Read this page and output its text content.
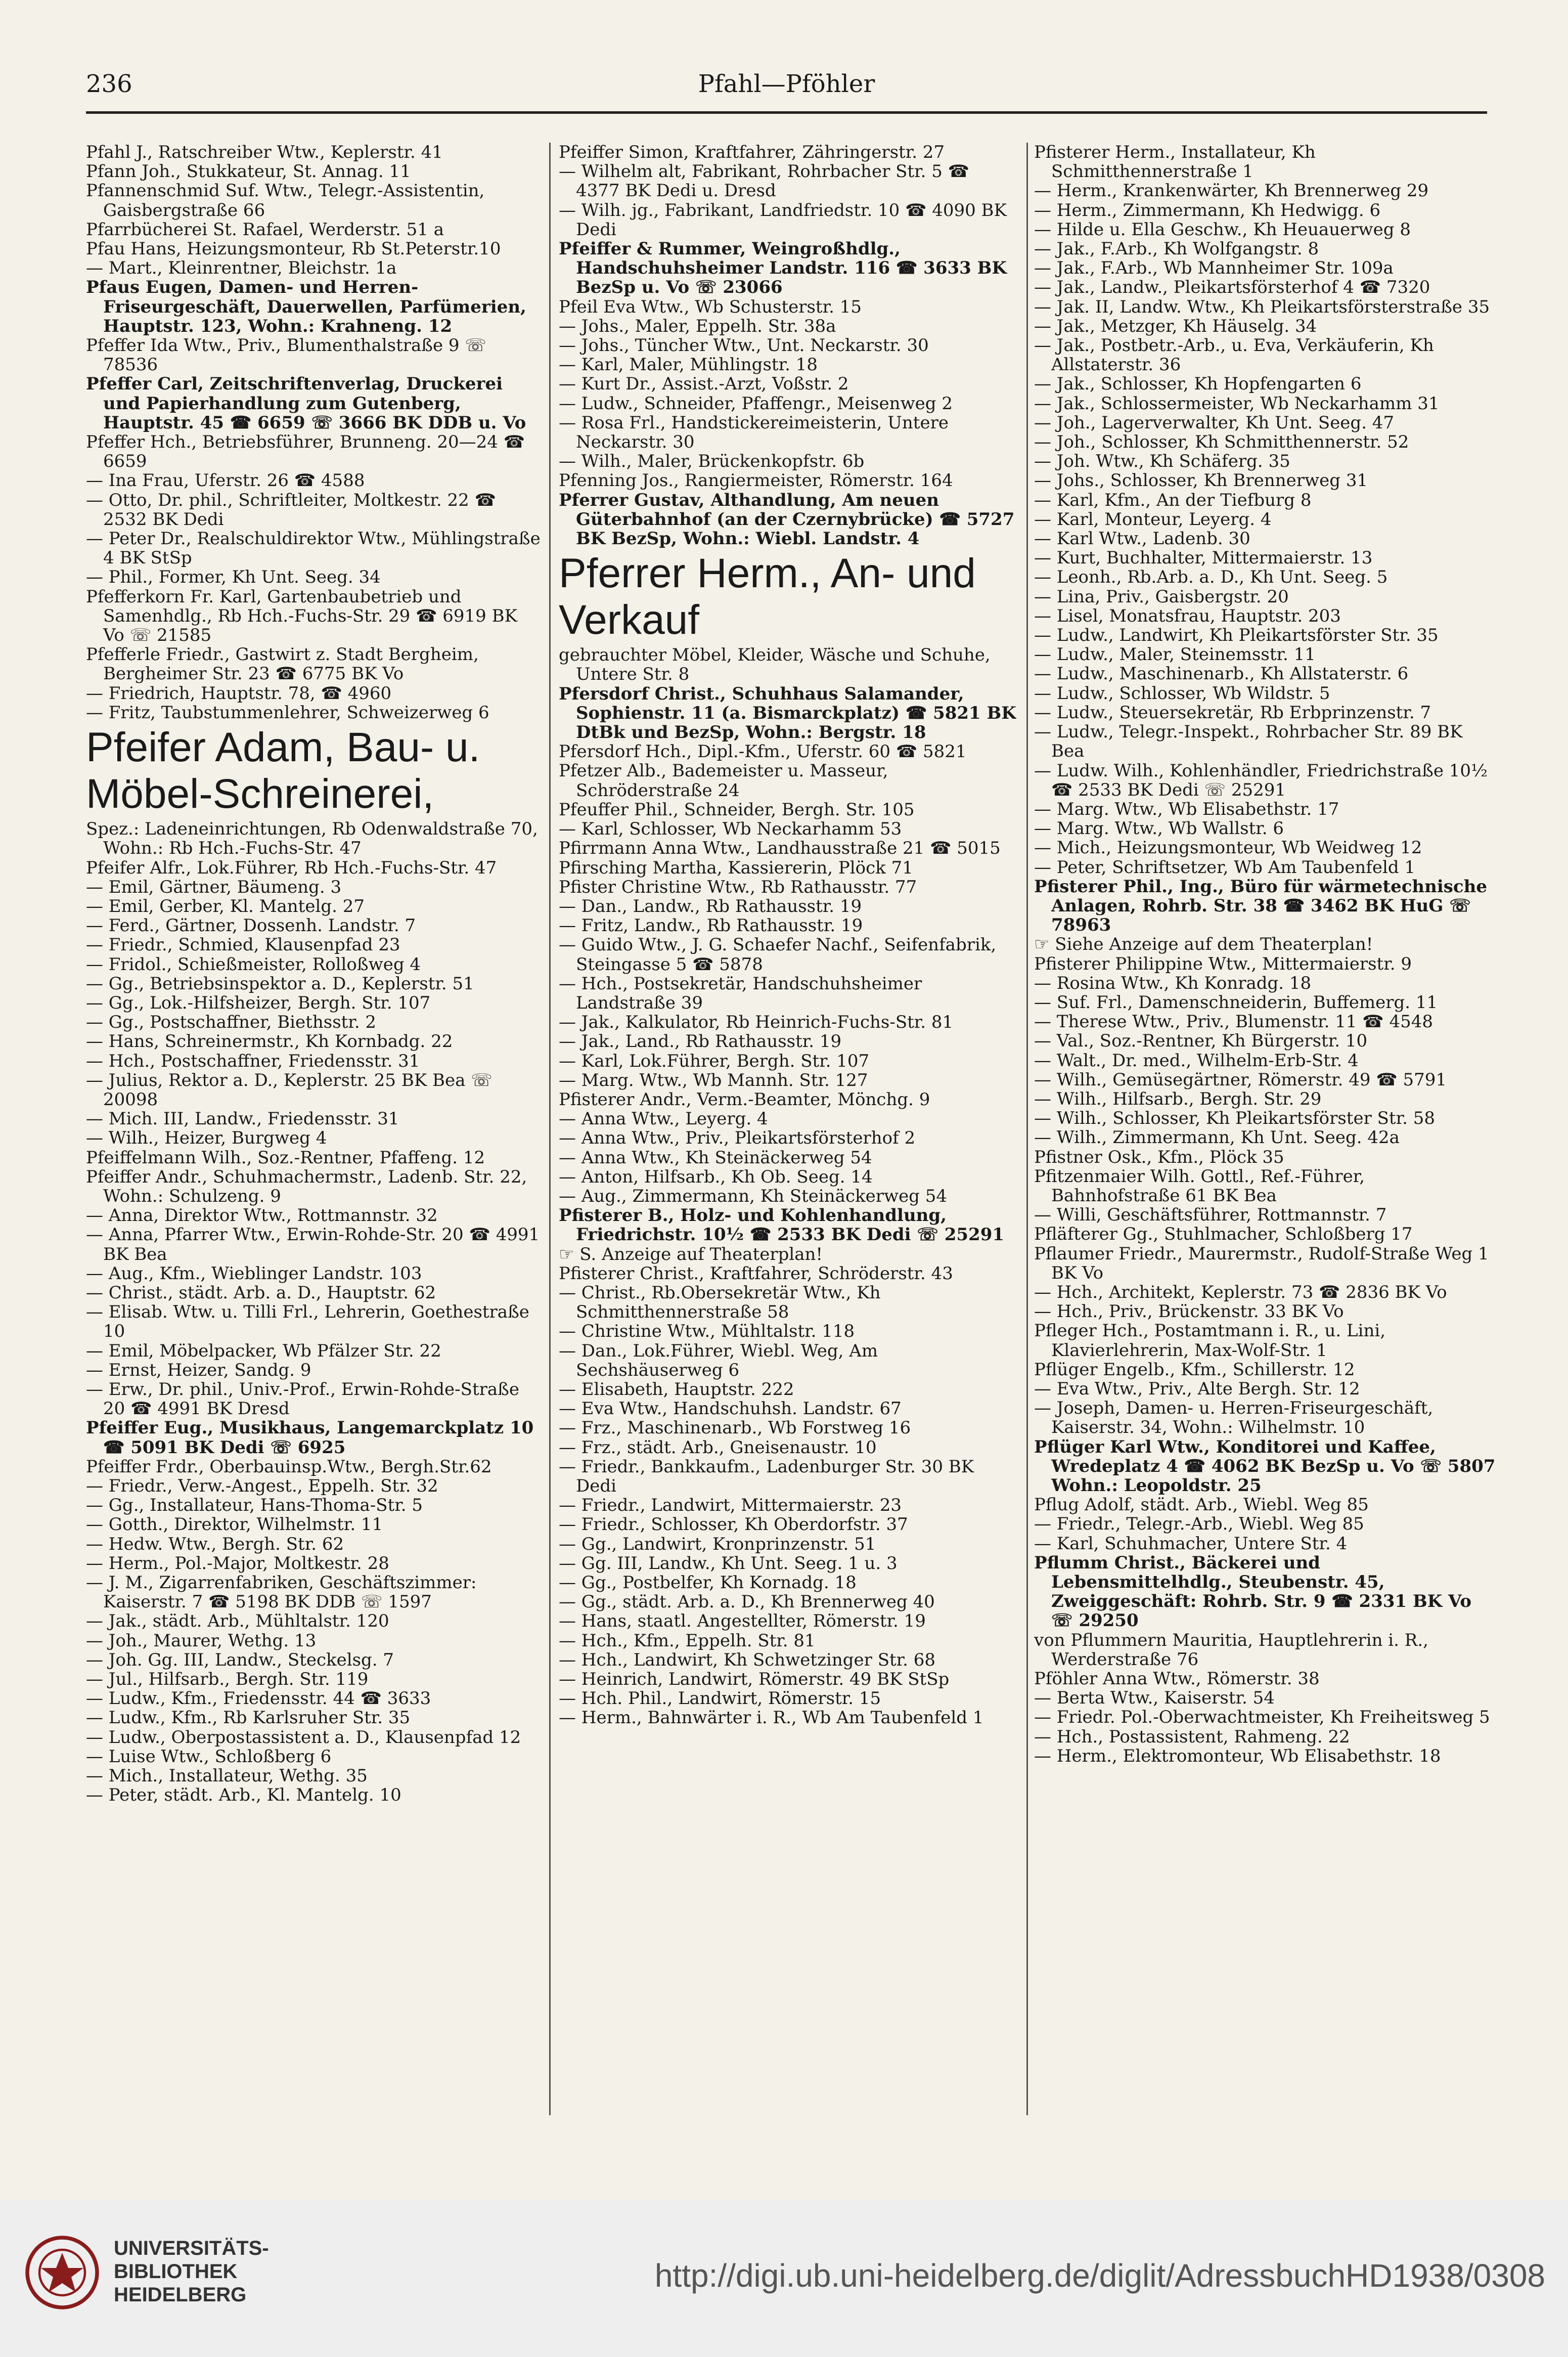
236	Pfahl—Pföhler

Pfahl J., Ratschreiber Wtw., Keplerstr. 41

Pfann Joh., Stukkateur, St. Annag. 11

Pfannenschmid Suf. Wtw., Telegr.-Assistentin, Gaisbergstraße 66

Pfarrbücherei St. Rafael, Werderstr. 51 a

Pfau Hans, Heizungsmonteur, Rb St.Peterstr.10

— Mart., Kleinrentner, Bleichstr. 1a

Pfaus Eugen, Damen- und Herren-Friseurgeschäft, Dauerwellen, Parfümerien, Hauptstr. 123, Wohn.: Krahneng. 12

Pfeffer Ida Wtw., Priv., Blumenthalstraße 9 ☏ 78536

Pfeffer Carl, Zeitschriftenverlag, Druckerei und Papierhandlung zum Gutenberg, Hauptstr. 45 ☎ 6659 ☏ 3666 BK DDB u. Vo

Pfeffer Hch., Betriebsführer, Brunneng. 20—24 ☎ 6659

— Ina Frau, Uferstr. 26 ☎ 4588

— Otto, Dr. phil., Schriftleiter, Moltkestr. 22 ☎ 2532 BK Dedi

— Peter Dr., Realschuldirektor Wtw., Mühlingstraße 4 BK StSp

— Phil., Former, Kh Unt. Seeg. 34

Pfefferkorn Fr. Karl, Gartenbaubetrieb und Samenhdlg., Rb Hch.-Fuchs-Str. 29 ☎ 6919 BK Vo ☏ 21585

Pfefferle Friedr., Gastwirt z. Stadt Bergheim, Bergheimer Str. 23 ☎ 6775 BK Vo

— Friedrich, Hauptstr. 78, ☎ 4960

— Fritz, Taubstummenlehrer, Schweizerweg 6

Pfeifer Adam, Bau- u. Möbel-Schreinerei,

Spez.: Ladeneinrichtungen, Rb Odenwaldstraße 70, Wohn.: Rb Hch.-Fuchs-Str. 47

Pfeifer Alfr., Lok.Führer, Rb Hch.-Fuchs-Str. 47

— Emil, Gärtner, Bäumeng. 3

— Emil, Gerber, Kl. Mantelg. 27

— Ferd., Gärtner, Dossenh. Landstr. 7

— Friedr., Schmied, Klausenpfad 23

— Fridol., Schießmeister, Rolloßweg 4

— Gg., Betriebsinspektor a. D., Keplerstr. 51

— Gg., Lok.-Hilfsheizer, Bergh. Str. 107

— Gg., Postschaffner, Biethsstr. 2

— Hans, Schreinermstr., Kh Kornbadg. 22

— Hch., Postschaffner, Friedensstr. 31

— Julius, Rektor a. D., Keplerstr. 25 BK Bea ☏ 20098

— Mich. III, Landw., Friedensstr. 31

— Wilh., Heizer, Burgweg 4

Pfeiffelmann Wilh., Soz.-Rentner, Pfaffeng. 12

Pfeiffer Andr., Schuhmachermstr., Ladenb. Str. 22, Wohn.: Schulzeng. 9

— Anna, Direktor Wtw., Rottmannstr. 32

— Anna, Pfarrer Wtw., Erwin-Rohde-Str. 20 ☎ 4991 BK Bea

— Aug., Kfm., Wieblinger Landstr. 103

— Christ., städt. Arb. a. D., Hauptstr. 62

— Elisab. Wtw. u. Tilli Frl., Lehrerin, Goethestraße 10

— Emil, Möbelpacker, Wb Pfälzer Str. 22

— Ernst, Heizer, Sandg. 9

— Erw., Dr. phil., Univ.-Prof., Erwin-Rohde-Straße 20 ☎ 4991 BK Dresd

Pfeiffer Eug., Musikhaus, Langemarckplatz 10 ☎ 5091 BK Dedi ☏ 6925

Pfeiffer Frdr., Oberbauinsp.Wtw., Bergh.Str.62

— Friedr., Verw.-Angest., Eppelh. Str. 32

— Gg., Installateur, Hans-Thoma-Str. 5

— Gotth., Direktor, Wilhelmstr. 11

— Hedw. Wtw., Bergh. Str. 62

— Herm., Pol.-Major, Moltkestr. 28

— J. M., Zigarrenfabriken, Geschäftszimmer: Kaiserstr. 7 ☎ 5198 BK DDB ☏ 1597

— Jak., städt. Arb., Mühltalstr. 120

— Joh., Maurer, Wethg. 13

— Joh. Gg. III, Landw., Steckelsg. 7

— Jul., Hilfsarb., Bergh. Str. 119

— Ludw., Kfm., Friedensstr. 44 ☎ 3633

— Ludw., Kfm., Rb Karlsruher Str. 35

— Ludw., Oberpostassistent a. D., Klausenpfad 12

— Luise Wtw., Schloßberg 6

— Mich., Installateur, Wethg. 35

— Peter, städt. Arb., Kl. Mantelg. 10

Pfeiffer Simon, Kraftfahrer, Zähringerstr. 27

— Wilhelm alt, Fabrikant, Rohrbacher Str. 5 ☎ 4377 BK Dedi u. Dresd

— Wilh. jg., Fabrikant, Landfriedstr. 10 ☎ 4090 BK Dedi

Pfeiffer & Rummer, Weingroßhdlg., Handschuhsheimer Landstr. 116 ☎ 3633 BK BezSp u. Vo ☏ 23066

Pfeil Eva Wtw., Wb Schusterstr. 15

— Johs., Maler, Eppelh. Str. 38a

— Johs., Tüncher Wtw., Unt. Neckarstr. 30

— Karl, Maler, Mühlingstr. 18

— Kurt Dr., Assist.-Arzt, Voßstr. 2

— Ludw., Schneider, Pfaffengr., Meisenweg 2

— Rosa Frl., Handstickereimeisterin, Untere Neckarstr. 30

— Wilh., Maler, Brückenkopfstr. 6b

Pfenning Jos., Rangiermeister, Römerstr. 164

Pferrer Gustav, Althandlung, Am neuen Güterbahnhof (an der Czernybrücke) ☎ 5727 BK BezSp, Wohn.: Wiebl. Landstr. 4

Pferrer Herm., An- und Verkauf

gebrauchter Möbel, Kleider, Wäsche und Schuhe, Untere Str. 8

Pfersdorf Christ., Schuhhaus Salamander, Sophienstr. 11 (a. Bismarckplatz) ☎ 5821 BK DtBk und BezSp, Wohn.: Bergstr. 18

Pfersdorf Hch., Dipl.-Kfm., Uferstr. 60 ☎ 5821

Pfetzer Alb., Bademeister u. Masseur, Schröderstraße 24

Pfeuffer Phil., Schneider, Bergh. Str. 105

— Karl, Schlosser, Wb Neckarhamm 53

Pfirrmann Anna Wtw., Landhausstraße 21 ☎ 5015

Pfirsching Martha, Kassiererin, Plöck 71

Pfister Christine Wtw., Rb Rathausstr. 77

— Dan., Landw., Rb Rathausstr. 19

— Fritz, Landw., Rb Rathausstr. 19

— Guido Wtw., J. G. Schaefer Nachf., Seifenfabrik, Steingasse 5 ☎ 5878

— Hch., Postsekretär, Handschuhsheimer Landstraße 39

— Jak., Kalkulator, Rb Heinrich-Fuchs-Str. 81

— Jak., Land., Rb Rathausstr. 19

— Karl, Lok.Führer, Bergh. Str. 107

— Marg. Wtw., Wb Mannh. Str. 127

Pfisterer Andr., Verm.-Beamter, Mönchg. 9

— Anna Wtw., Leyerg. 4

— Anna Wtw., Priv., Pleikartsförsterhof 2

— Anna Wtw., Kh Steinäckerweg 54

— Anton, Hilfsarb., Kh Ob. Seeg. 14

— Aug., Zimmermann, Kh Steinäckerweg 54

Pfisterer B., Holz- und Kohlenhandlung, Friedrichstr. 10½ ☎ 2533 BK Dedi ☏ 25291

☞ S. Anzeige auf Theaterplan!

Pfisterer Christ., Kraftfahrer, Schröderstr. 43

— Christ., Rb.Obersekretär Wtw., Kh Schmitthennerstraße 58

— Christine Wtw., Mühltalstr. 118

— Dan., Lok.Führer, Wiebl. Weg, Am Sechshäuserweg 6

— Elisabeth, Hauptstr. 222

— Eva Wtw., Handschuhsh. Landstr. 67

— Frz., Maschinenarb., Wb Forstweg 16

— Frz., städt. Arb., Gneisenaustr. 10

— Friedr., Bankkaufm., Ladenburger Str. 30 BK Dedi

— Friedr., Landwirt, Mittermaierstr. 23

— Friedr., Schlosser, Kh Oberdorfstr. 37

— Gg., Landwirt, Kronprinzenstr. 51

— Gg. III, Landw., Kh Unt. Seeg. 1 u. 3

— Gg., Postbelfer, Kh Kornadg. 18

— Gg., städt. Arb. a. D., Kh Brennerweg 40

— Hans, staatl. Angestellter, Römerstr. 19

— Hch., Kfm., Eppelh. Str. 81

— Hch., Landwirt, Kh Schwetzinger Str. 68

— Heinrich, Landwirt, Römerstr. 49 BK StSp

— Hch. Phil., Landwirt, Römerstr. 15

— Herm., Bahnwärter i. R., Wb Am Taubenfeld 1

Pfisterer Herm., Installateur, Kh Schmitthennerstraße 1

— Herm., Krankenwärter, Kh Brennerweg 29

— Herm., Zimmermann, Kh Hedwigg. 6

— Hilde u. Ella Geschw., Kh Heuauerweg 8

— Jak., F.Arb., Kh Wolfgangstr. 8

— Jak., F.Arb., Wb Mannheimer Str. 109a

— Jak., Landw., Pleikartsförsterhof 4 ☎ 7320

— Jak. II, Landw. Wtw., Kh Pleikartsförsterstraße 35

— Jak., Metzger, Kh Häuselg. 34

— Jak., Postbetr.-Arb., u. Eva, Verkäuferin, Kh Allstaterstr. 36

— Jak., Schlosser, Kh Hopfengarten 6

— Jak., Schlossermeister, Wb Neckarhamm 31

— Joh., Lagerverwalter, Kh Unt. Seeg. 47

— Joh., Schlosser, Kh Schmitthennerstr. 52

— Joh. Wtw., Kh Schäferg. 35

— Johs., Schlosser, Kh Brennerweg 31

— Karl, Kfm., An der Tiefburg 8

— Karl, Monteur, Leyerg. 4

— Karl Wtw., Ladenb. 30

— Kurt, Buchhalter, Mittermaierstr. 13

— Leonh., Rb.Arb. a. D., Kh Unt. Seeg. 5

— Lina, Priv., Gaisbergstr. 20

— Lisel, Monatsfrau, Hauptstr. 203

— Ludw., Landwirt, Kh Pleikartsförster Str. 35

— Ludw., Maler, Steinemsstr. 11

— Ludw., Maschinenarb., Kh Allstaterstr. 6

— Ludw., Schlosser, Wb Wildstr. 5

— Ludw., Steuersekretär, Rb Erbprinzenstr. 7

— Ludw., Telegr.-Inspekt., Rohrbacher Str. 89 BK Bea

— Ludw. Wilh., Kohlenhändler, Friedrichstraße 10½ ☎ 2533 BK Dedi ☏ 25291

— Marg. Wtw., Wb Elisabethstr. 17

— Marg. Wtw., Wb Wallstr. 6

— Mich., Heizungsmonteur, Wb Weidweg 12

— Peter, Schriftsetzer, Wb Am Taubenfeld 1

Pfisterer Phil., Ing., Büro für wärmetechnische Anlagen, Rohrb. Str. 38 ☎ 3462 BK HuG ☏ 78963

☞ Siehe Anzeige auf dem Theaterplan!

Pfisterer Philippine Wtw., Mittermaierstr. 9

— Rosina Wtw., Kh Konradg. 18

— Suf. Frl., Damenschneiderin, Buffemerg. 11

— Therese Wtw., Priv., Blumenstr. 11 ☎ 4548

— Val., Soz.-Rentner, Kh Bürgerstr. 10

— Walt., Dr. med., Wilhelm-Erb-Str. 4

— Wilh., Gemüsegärtner, Römerstr. 49 ☎ 5791

— Wilh., Hilfsarb., Bergh. Str. 29

— Wilh., Schlosser, Kh Pleikartsförster Str. 58

— Wilh., Zimmermann, Kh Unt. Seeg. 42a

Pfistner Osk., Kfm., Plöck 35

Pfitzenmaier Wilh. Gottl., Ref.-Führer, Bahnhofstraße 61 BK Bea

— Willi, Geschäftsführer, Rottmannstr. 7

Pfläfterer Gg., Stuhlmacher, Schloßberg 17

Pflaumer Friedr., Maurermstr., Rudolf-Straße Weg 1 BK Vo

— Hch., Architekt, Keplerstr. 73 ☎ 2836 BK Vo

— Hch., Priv., Brückenstr. 33 BK Vo

Pfleger Hch., Postamtmann i. R., u. Lini, Klavierlehrerin, Max-Wolf-Str. 1

Pflüger Engelb., Kfm., Schillerstr. 12

— Eva Wtw., Priv., Alte Bergh. Str. 12

— Joseph, Damen- u. Herren-Friseurgeschäft, Kaiserstr. 34, Wohn.: Wilhelmstr. 10

Pflüger Karl Wtw., Konditorei und Kaffee, Wredeplatz 4 ☎ 4062 BK BezSp u. Vo ☏ 5807 Wohn.: Leopoldstr. 25

Pflug Adolf, städt. Arb., Wiebl. Weg 85

— Friedr., Telegr.-Arb., Wiebl. Weg 85

— Karl, Schuhmacher, Untere Str. 4

Pflumm Christ., Bäckerei und Lebensmittelhdlg., Steubenstr. 45, Zweiggeschäft: Rohrb. Str. 9 ☎ 2331 BK Vo ☏ 29250

von Pflummern Mauritia, Hauptlehrerin i. R., Werderstraße 76

Pföhler Anna Wtw., Römerstr. 38

— Berta Wtw., Kaiserstr. 54

— Friedr. Pol.-Oberwachtmeister, Kh Freiheitsweg 5

— Hch., Postassistent, Rahmeng. 22

— Herm., Elektromonteur, Wb Elisabethstr. 18

UNIVERSITÄTS-
BIBLIOTHEK
HEIDELBERG
http://digi.ub.uni-heidelberg.de/diglit/AdressbuchHD1938/0308
